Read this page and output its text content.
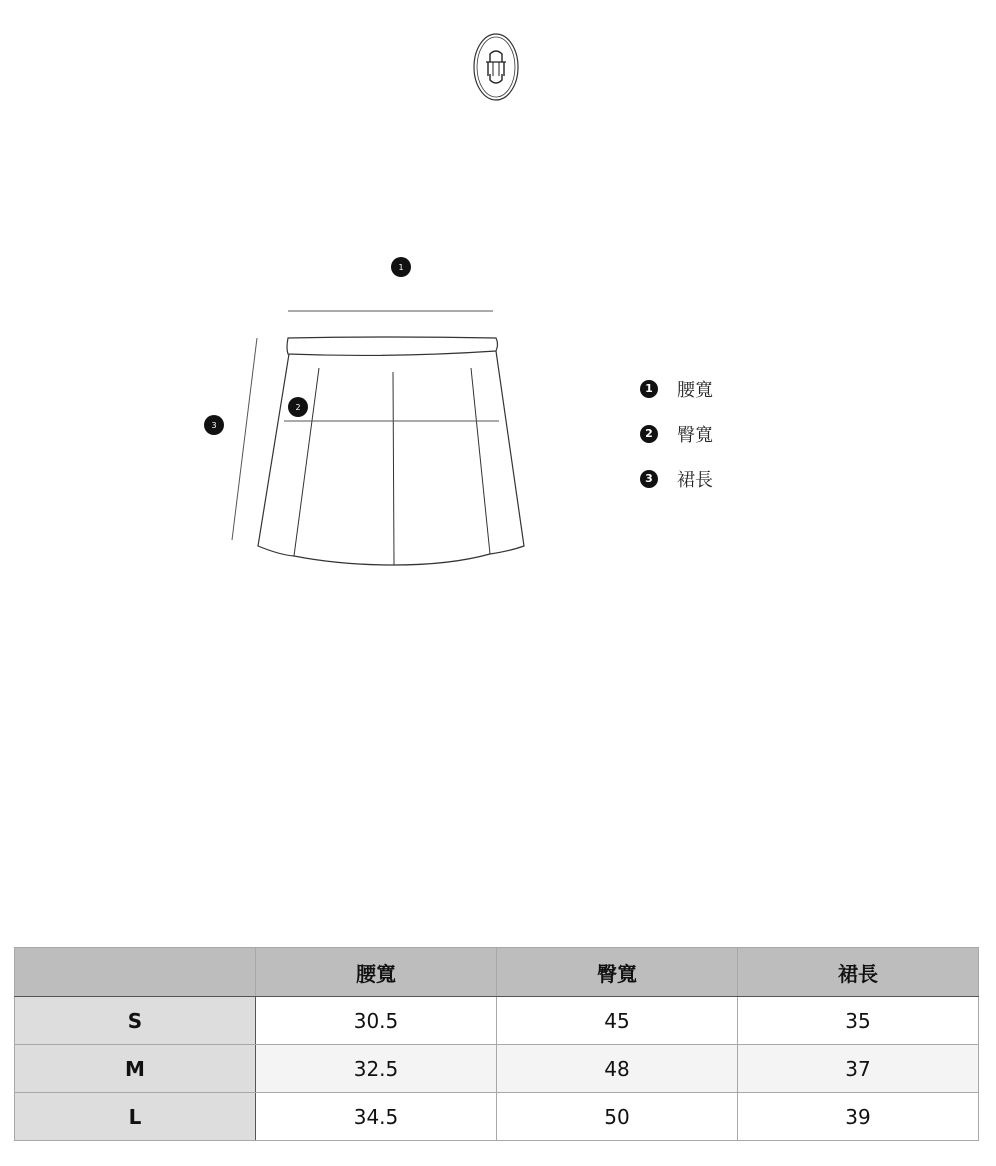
1
2
3
1 腰寬
2 臀寬
3 裙長
	腰寬	臀寬	裙長
S	30.5	45	35
M	32.5	48	37
L	34.5	50	39
